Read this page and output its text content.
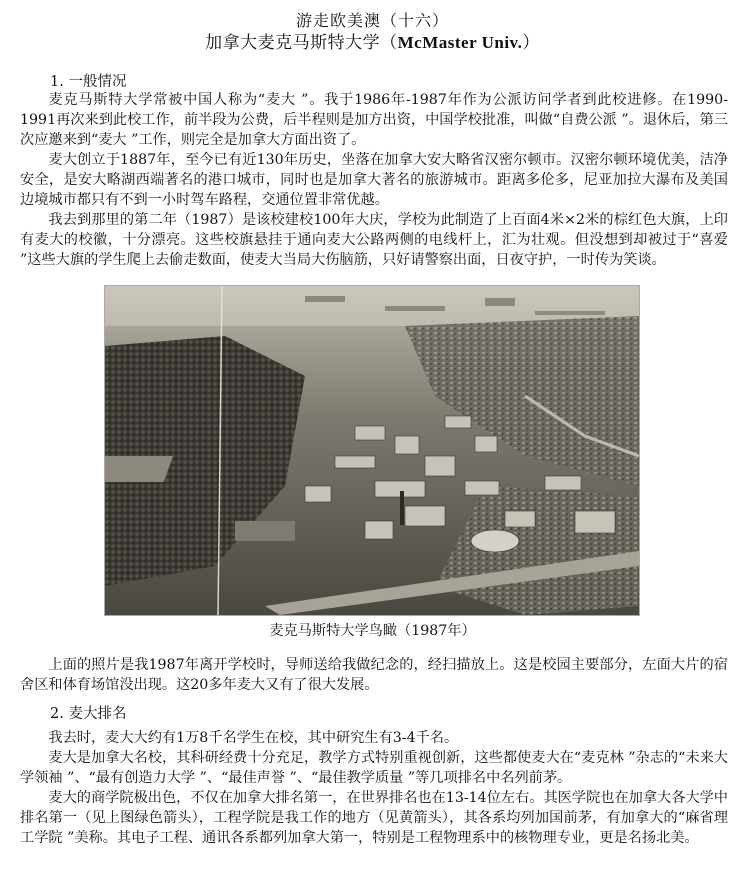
游走欧美澳（十六）
加拿大麦克马斯特大学（McMaster Univ.）
1. 一般情况

麦克马斯特大学常被中国人称为“麦大 ”。我于1986年-1987年作为公派访问学者到此校进修。在1990-1991再次来到此校工作，前半段为公费，后半程则是加方出资，中国学校批准，叫做“自费公派 ”。退休后，第三次应邀来到“麦大 ”工作，则完全是加拿大方面出资了。

麦大创立于1887年，至今已有近130年历史，坐落在加拿大安大略省汉密尔顿市。汉密尔顿环境优美，洁净安全，是安大略湖西端著名的港口城市，同时也是加拿大著名的旅游城市。距离多伦多，尼亚加拉大瀑布及美国边境城市都只有不到一小时驾车路程，交通位置非常优越。

我去到那里的第二年（1987）是该校建校100年大庆，学校为此制造了上百面4米×2米的棕红色大旗，上印有麦大的校徽，十分漂亮。这些校旗悬挂于通向麦大公路两侧的电线杆上，汇为壮观。但没想到却被过于“喜爱 ”这些大旗的学生爬上去偷走数面，使麦大当局大伤脑筋，只好请警察出面，日夜守护，一时传为笑谈。

麦克马斯特大学鸟瞰（1987年）

上面的照片是我1987年离开学校时，导师送给我做纪念的，经扫描放上。这是校园主要部分，左面大片的宿舍区和体育场馆没出现。这20多年麦大又有了很大发展。

2. 麦大排名

我去时，麦大大约有1万8千名学生在校，其中研究生有3-4千名。

麦大是加拿大名校，其科研经费十分充足，教学方式特别重视创新，这些都使麦大在“麦克林 ”杂志的“未来大学领袖 ”、“最有创造力大学 ”、“最佳声誉 ”、“最佳教学质量 ”等几项排名中名列前茅。

麦大的商学院极出色，不仅在加拿大排名第一，在世界排名也在13-14位左右。其医学院也在加拿大各大学中排名第一（见上图绿色箭头），工程学院是我工作的地方（见黄箭头），其各系均列加国前茅，有加拿大的“麻省理工学院 ”美称。其电子工程、通讯各系都列加拿大第一，特别是工程物理系中的核物理专业，更是名扬北美。
